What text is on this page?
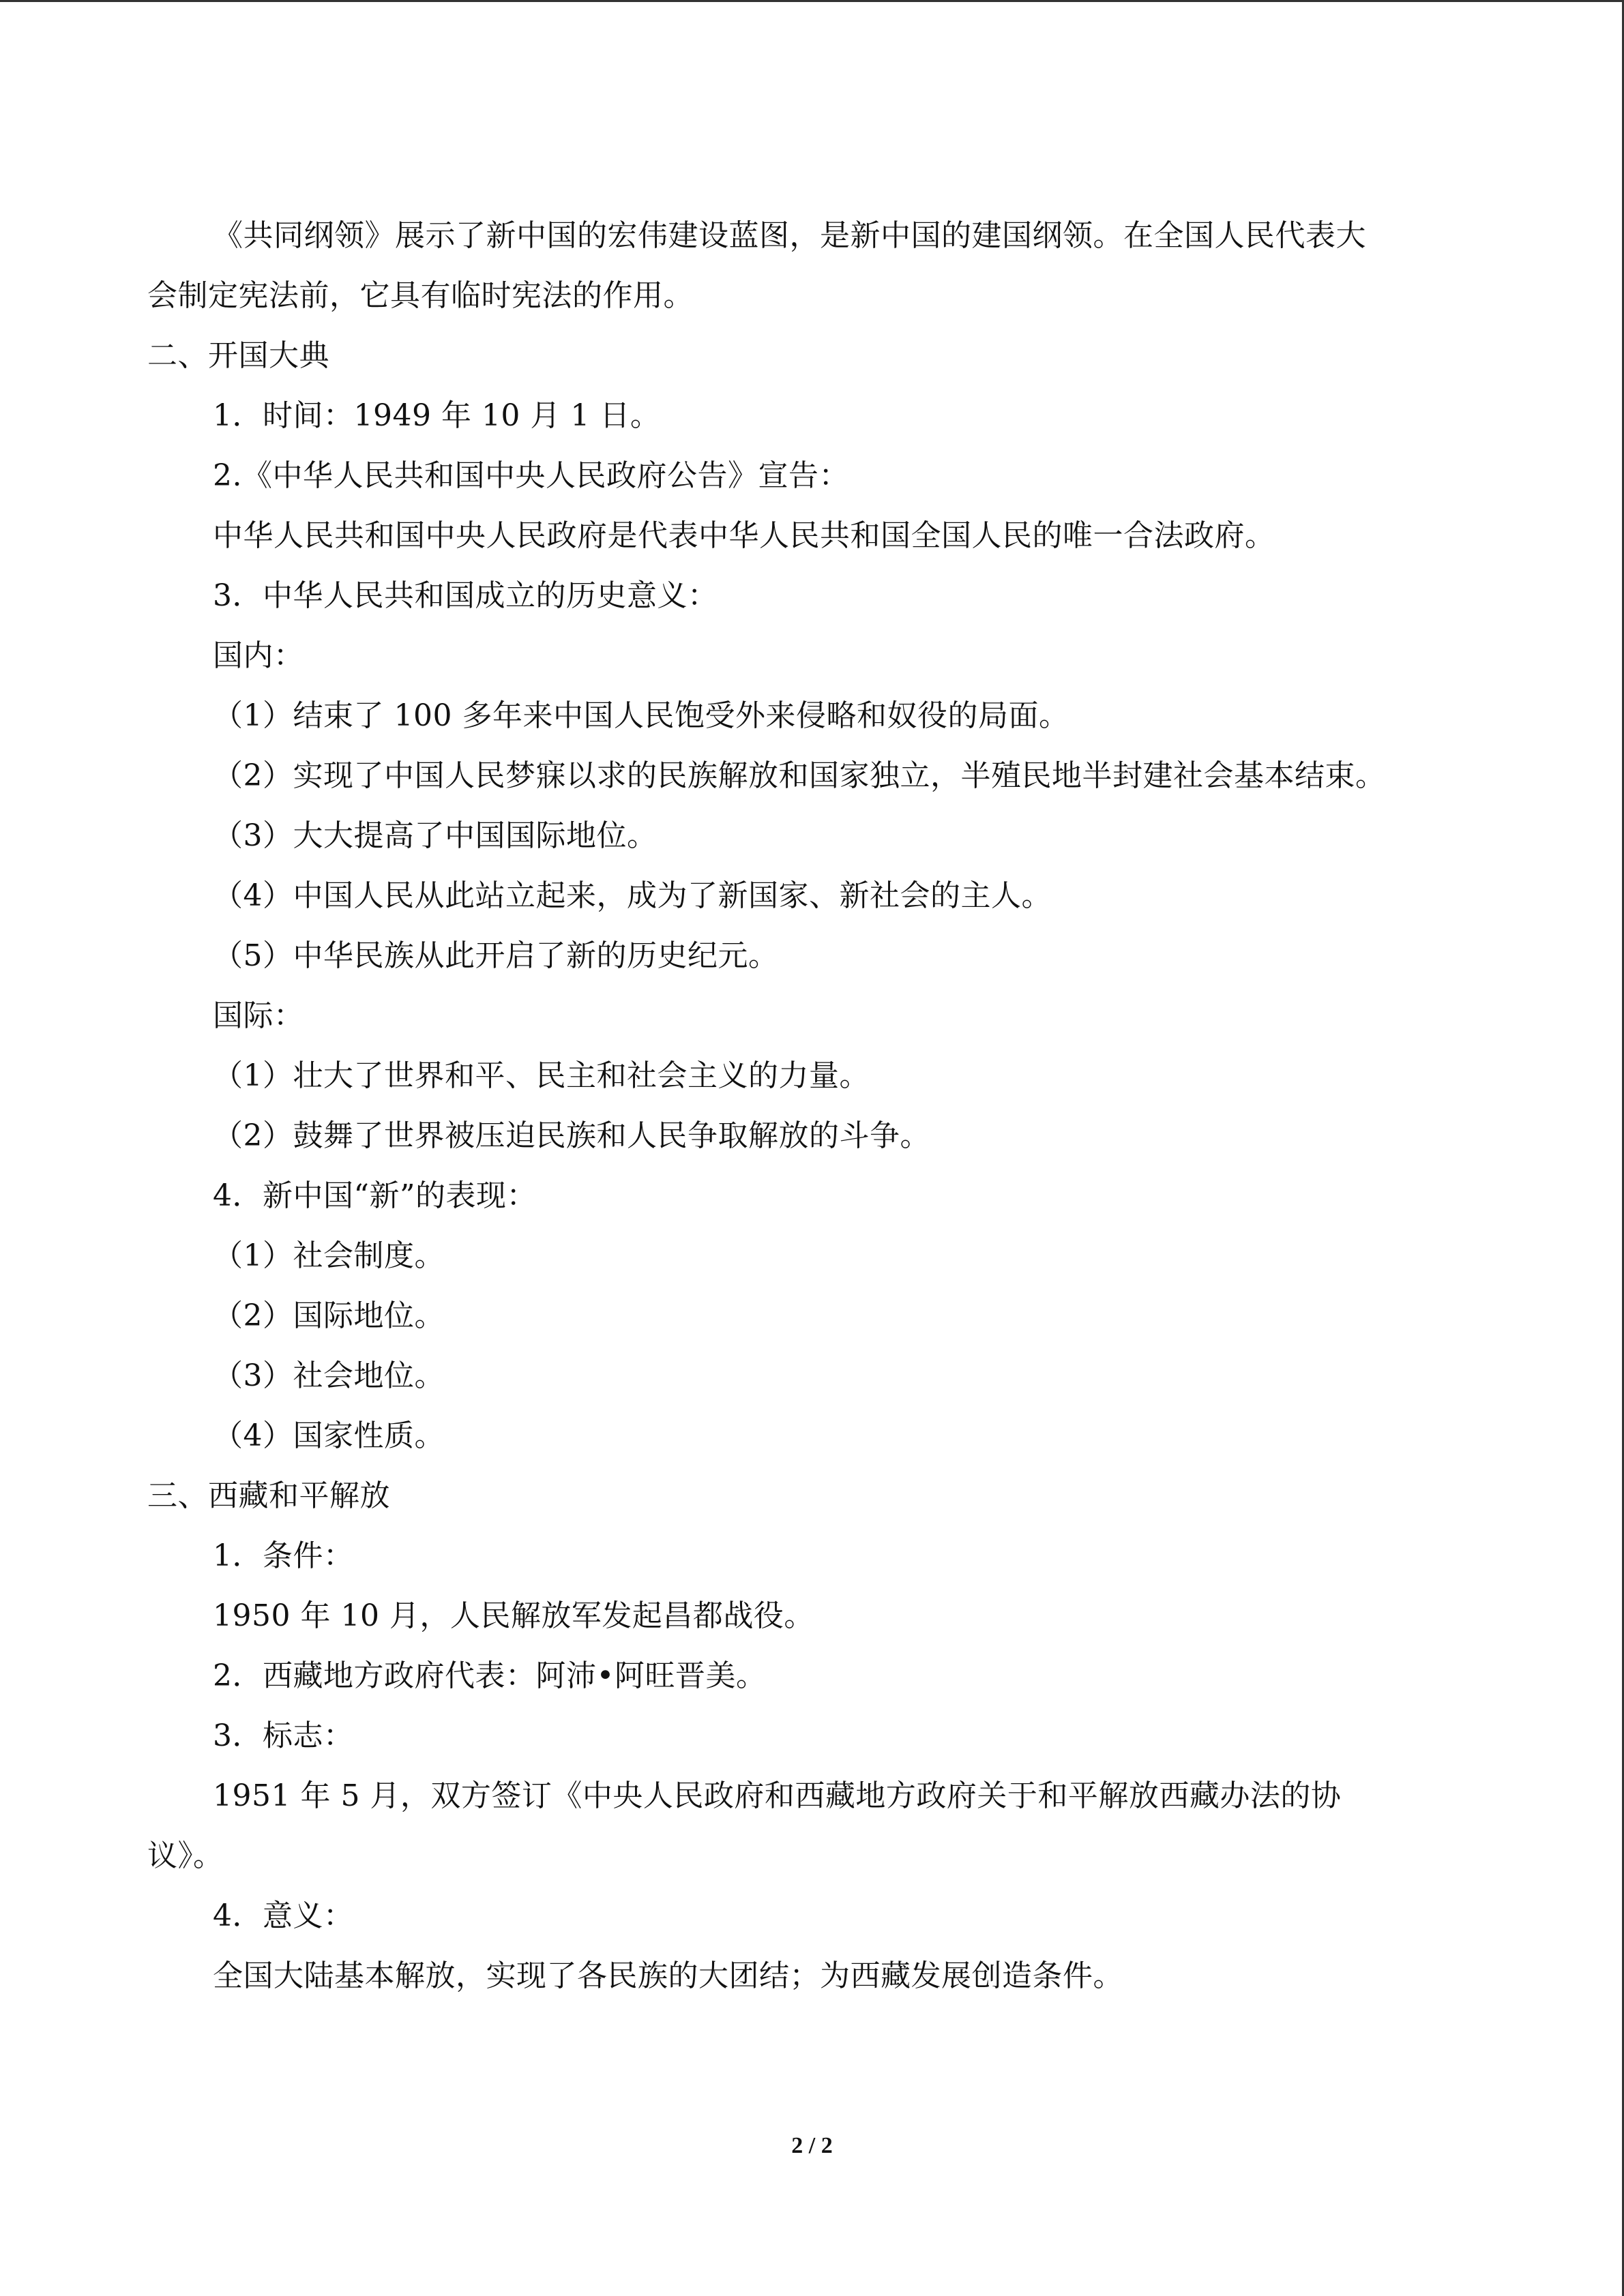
《共同纲领》展示了新中国的宏伟建设蓝图，是新中国的建国纲领。在全国人民代表大
会制定宪法前，它具有临时宪法的作用。
二、开国大典
1．时间：1949 年 10 月 1 日。
2.《中华人民共和国中央人民政府公告》宣告：
中华人民共和国中央人民政府是代表中华人民共和国全国人民的唯一合法政府。
3．中华人民共和国成立的历史意义：
国内：
（1）结束了 100 多年来中国人民饱受外来侵略和奴役的局面。
（2）实现了中国人民梦寐以求的民族解放和国家独立，半殖民地半封建社会基本结束。
（3）大大提高了中国国际地位。
（4）中国人民从此站立起来，成为了新国家、新社会的主人。
（5）中华民族从此开启了新的历史纪元。
国际：
（1）壮大了世界和平、民主和社会主义的力量。
（2）鼓舞了世界被压迫民族和人民争取解放的斗争。
4．新中国“新”的表现：
（1）社会制度。
（2）国际地位。
（3）社会地位。
（4）国家性质。
三、西藏和平解放
1．条件：
1950 年 10 月，人民解放军发起昌都战役。
2．西藏地方政府代表：阿沛•阿旺晋美。
3．标志：
1951 年 5 月，双方签订《中央人民政府和西藏地方政府关于和平解放西藏办法的协
议》。
4．意义：
全国大陆基本解放，实现了各民族的大团结；为西藏发展创造条件。
2 / 2
